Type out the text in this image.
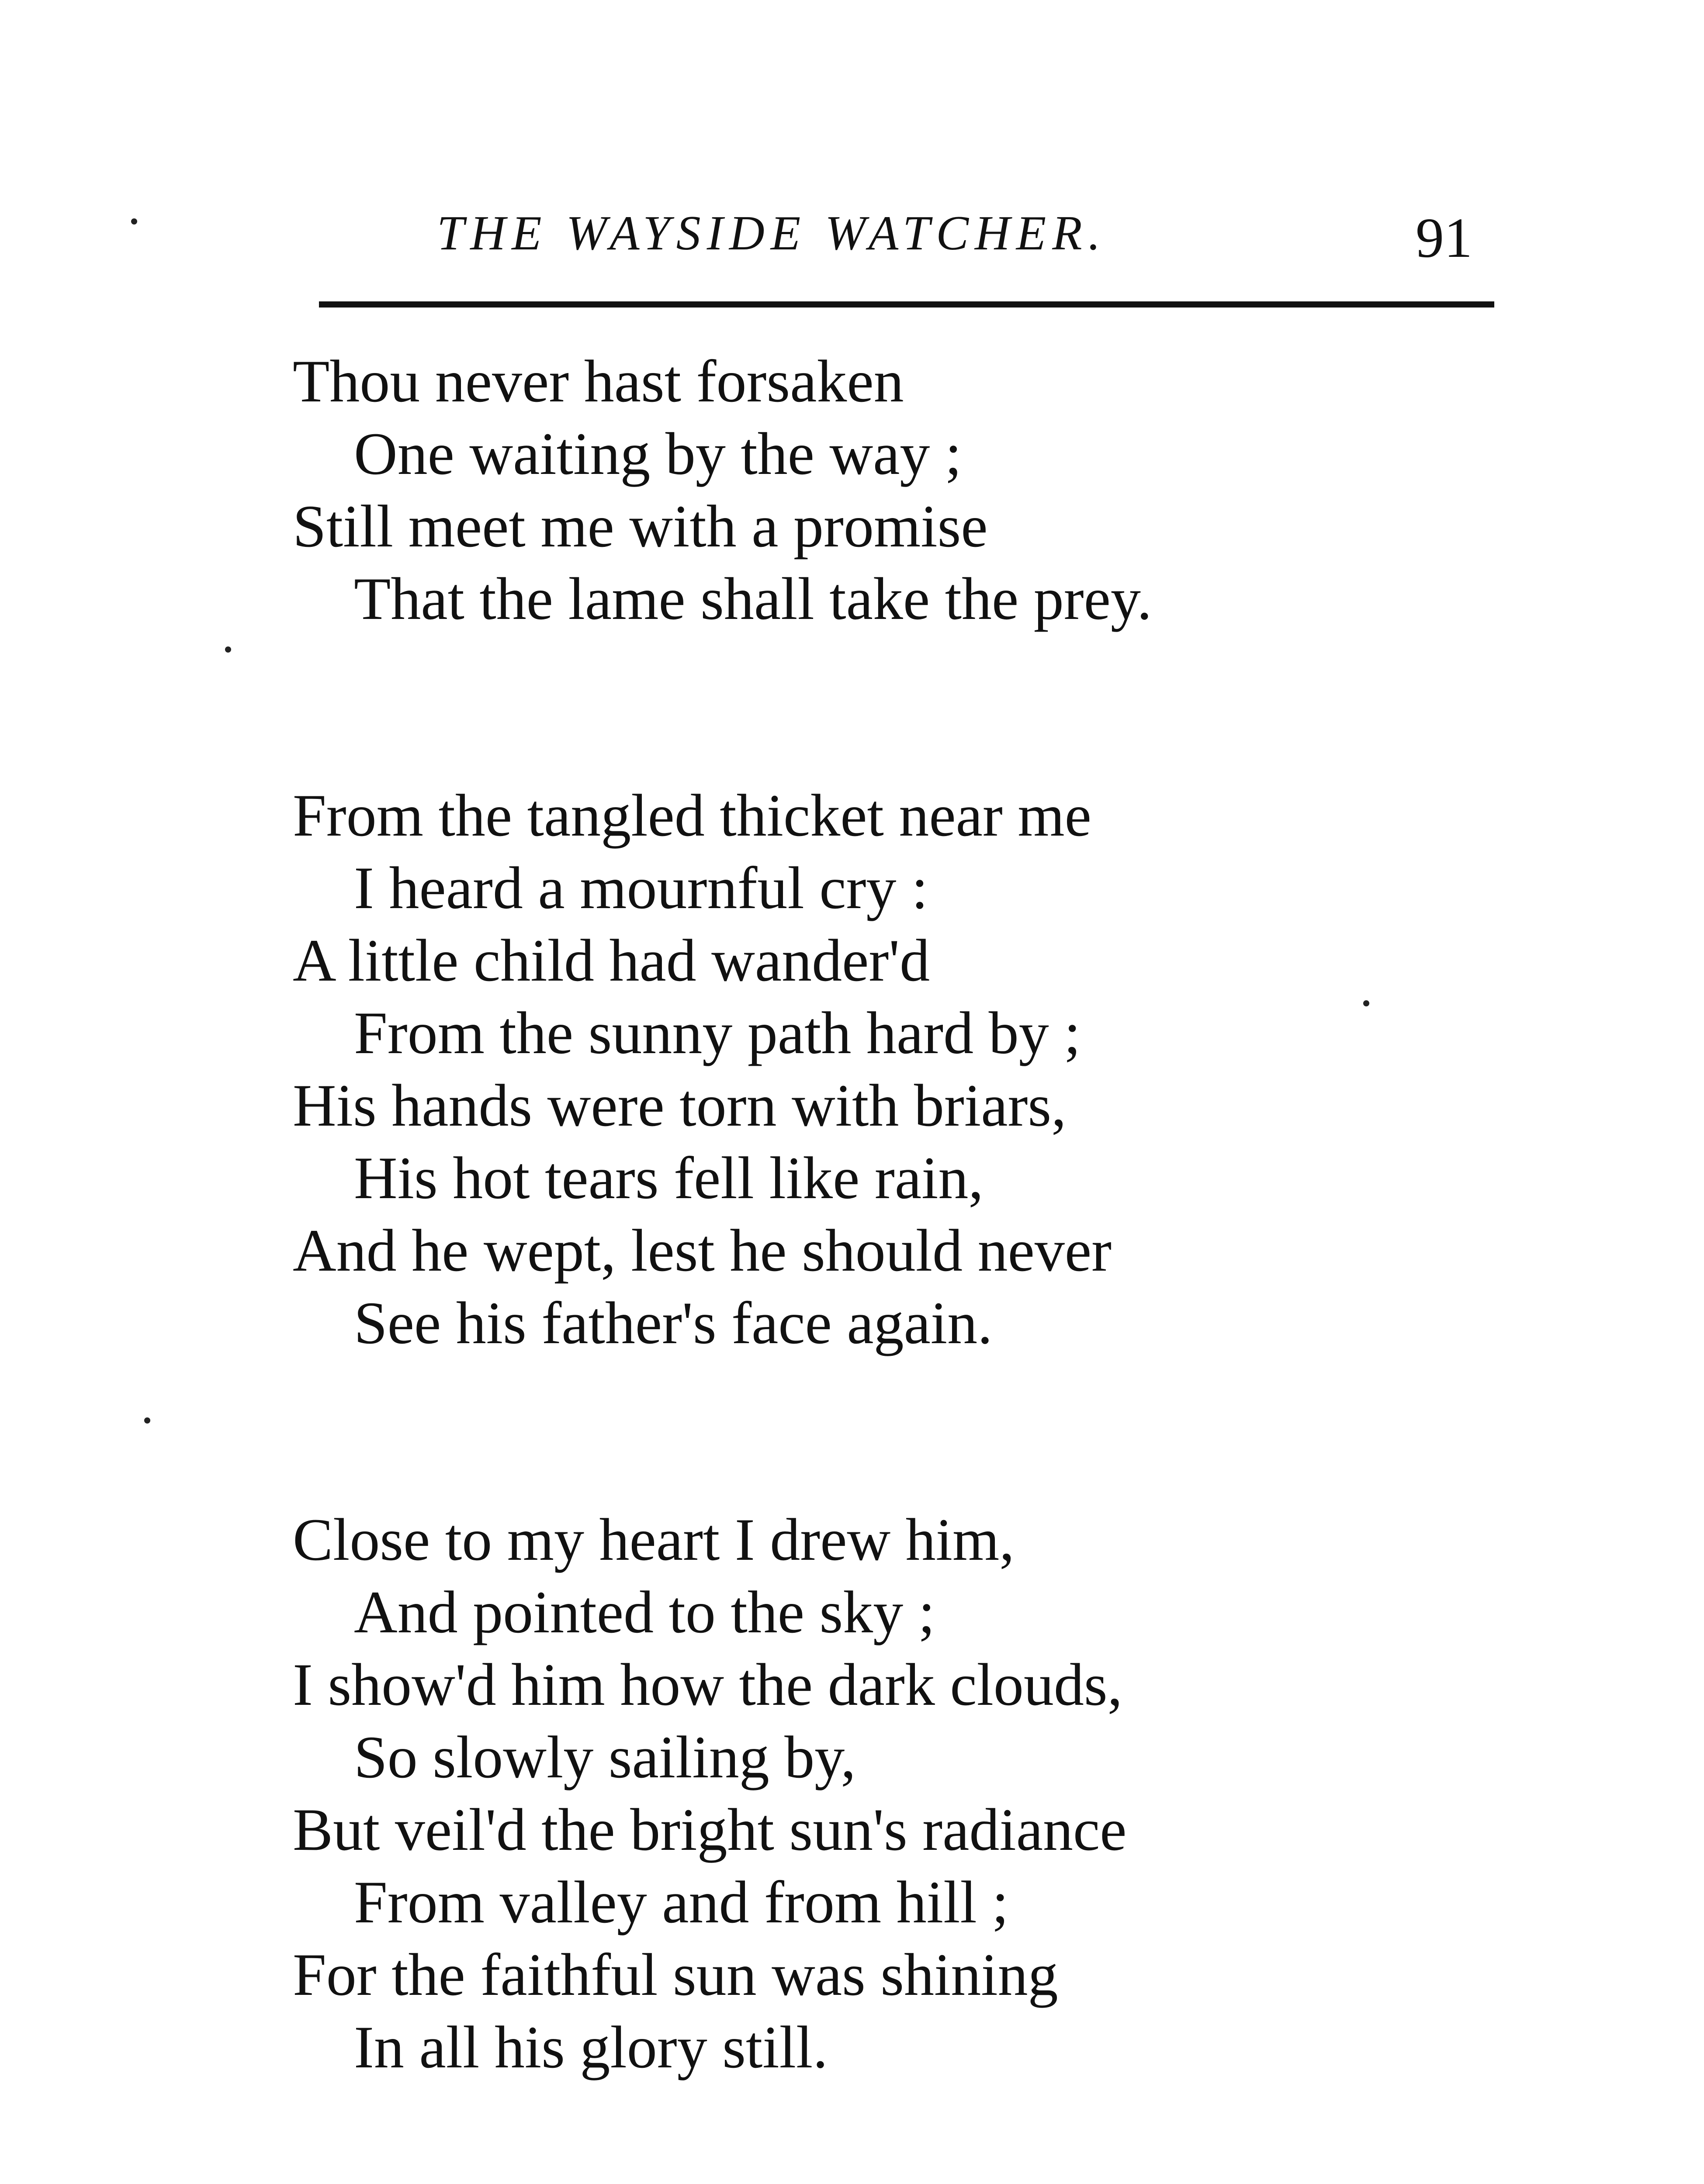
THE WAYSIDE WATCHER.	91
Thou never hast forsaken
One waiting by the way ;
Still meet me with a promise
That the lame shall take the prey.
From the tangled thicket near me
I heard a mournful cry :
A little child had wander'd
From the sunny path hard by ;
His hands were torn with briars,
His hot tears fell like rain,
And he wept, lest he should never
See his father's face again.
Close to my heart I drew him,
And pointed to the sky ;
I show'd him how the dark clouds,
So slowly sailing by,
But veil'd the bright sun's radiance
From valley and from hill ;
For the faithful sun was shining
In all his glory still.
